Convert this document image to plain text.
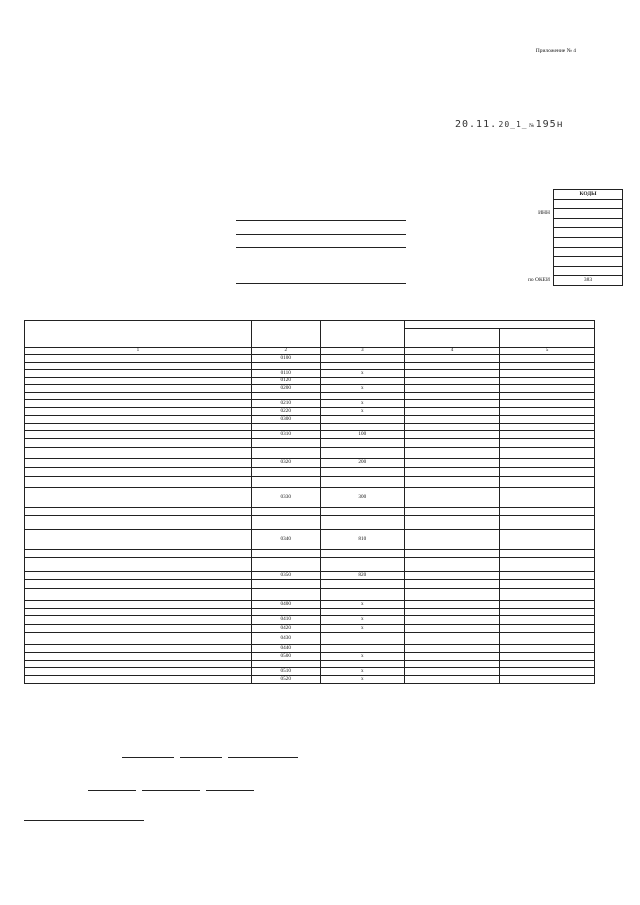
Приложение № 4
20.11. 20_1_ № 195н
	КОДЫ

ИНН	

по ОКЕИ	383

1	2	3	4	5
	0100			

	0110	x		
	0120			
	0200	x		

	0210	x		
	0220	x		
	0300			

	0310	100		

	0320	200		

	0330	300		

	0340	810		

	0350	820		

	0400	x		

	0410	x		
	0420	x		
	0430			
	0440			
	0500	x		

	0510	x		
	0520	x		
